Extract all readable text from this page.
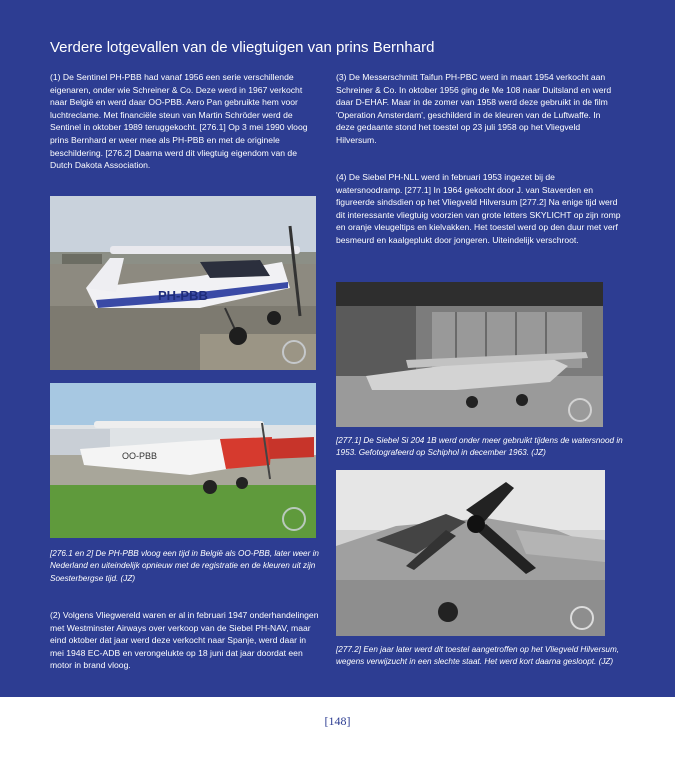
Verdere lotgevallen van de vliegtuigen van prins Bernhard
(1) De Sentinel PH-PBB had vanaf 1956 een serie verschillende eigenaren, onder wie Schreiner & Co. Deze werd in 1967 verkocht naar België en werd daar OO-PBB. Aero Pan gebruikte hem voor luchtreclame. Met financiële steun van Martin Schröder werd de Sentinel in oktober 1989 teruggekocht. [276.1] Op 3 mei 1990 vloog prins Bernhard er weer mee als PH-PBB en met de originele beschildering. [276.2] Daarna werd dit vliegtuig eigendom van de Dutch Dakota Association.
PH-PBB
OO-PBB
[276.1 en 2] De PH-PBB vloog een tijd in België als OO-PBB, later weer in Nederland en uiteindelijk opnieuw met de registratie en de kleuren uit zijn Soesterbergse tijd. (JZ)
(2) Volgens Vliegwereld waren er al in februari 1947 onderhandelingen met Westminster Airways over verkoop van de Siebel PH-NAV, maar eind oktober dat jaar werd deze verkocht naar Spanje, werd daar in mei 1948 EC-ADB en verongelukte op 18 juni dat jaar doordat een motor in brand vloog.
(3) De Messerschmitt Taifun PH-PBC werd in maart 1954 verkocht aan Schreiner & Co. In oktober 1956 ging de Me 108 naar Duitsland en werd daar D-EHAF. Maar in de zomer van 1958 werd deze gebruikt in de film 'Operation Amsterdam', geschilderd in de kleuren van de Luftwaffe. In deze gedaante stond het toestel op 23 juli 1958 op het Vliegveld Hilversum.
(4) De Siebel PH-NLL werd in februari 1953 ingezet bij de watersnoodramp. [277.1] In 1964 gekocht door J. van Staverden en figureerde sindsdien op het Vliegveld Hilversum [277.2] Na enige tijd werd dit interessante vliegtuig voorzien van grote letters SKYLICHT op zijn romp en oranje vleugeltips en kielvakken. Het toestel werd op den duur met verf besmeurd en kaalgeplukt door jongeren. Uiteindelijk verschroot.
[277.1] De Siebel Si 204 1B werd onder meer gebruikt tijdens de watersnood in 1953. Gefotografeerd op Schiphol in december 1963. (JZ)
[277.2] Een jaar later werd dit toestel aangetroffen op het Vliegveld Hilversum, wegens verwijzucht in een slechte staat. Het werd kort daarna gesloopt. (JZ)
[148]
